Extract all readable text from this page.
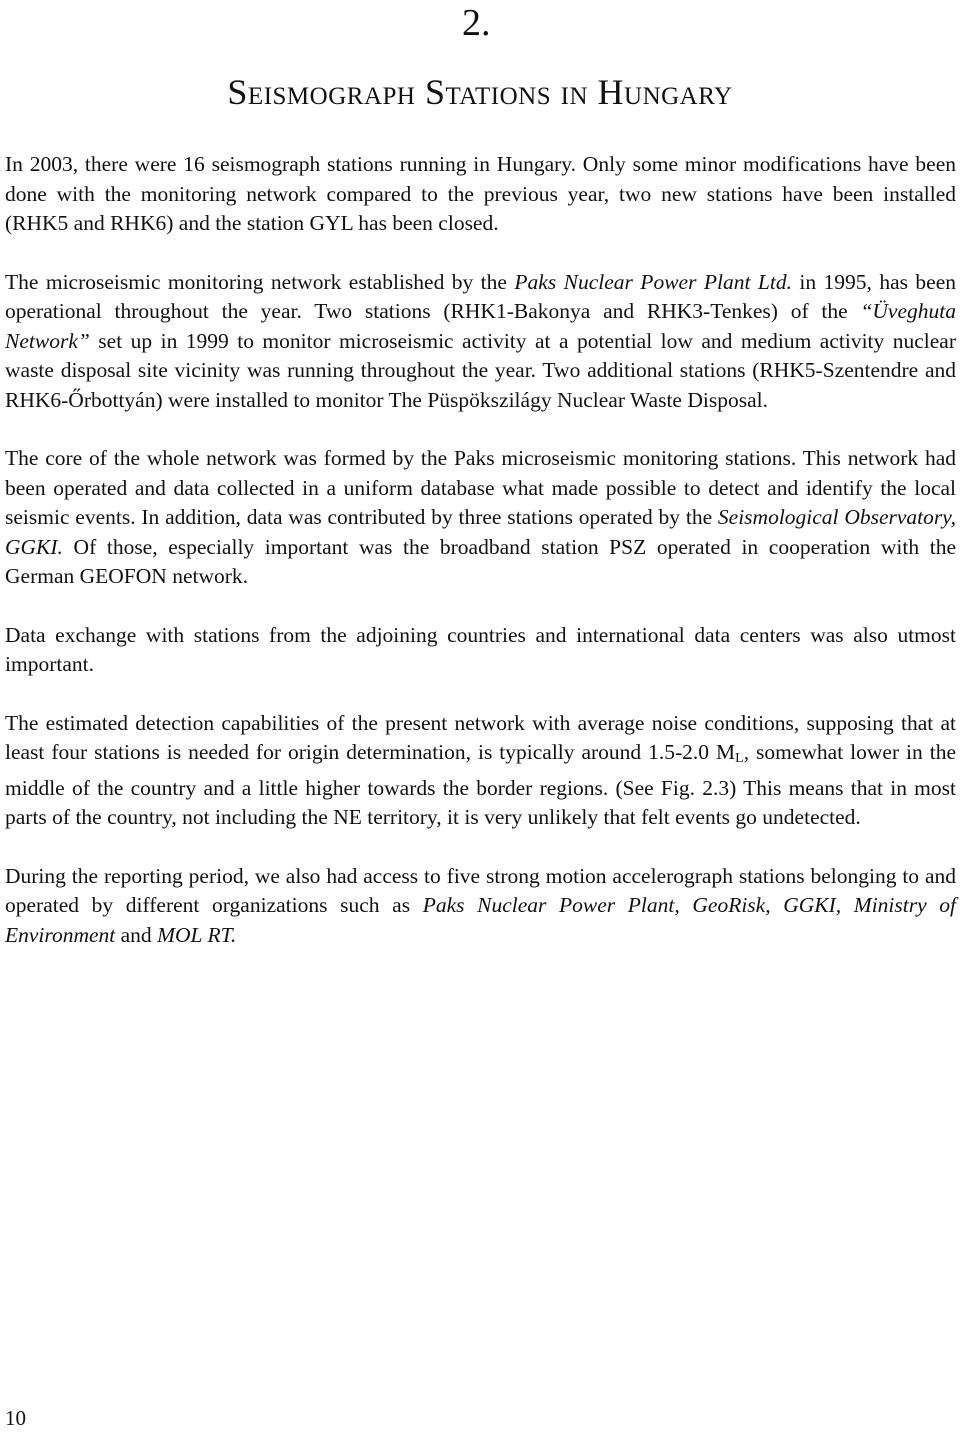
2.
Seismograph Stations in Hungary

In 2003, there were 16 seismograph stations running in Hungary. Only some minor modifications have been done with the monitoring network compared to the previous year, two new stations have been installed (RHK5 and RHK6) and the station GYL has been closed.

The microseismic monitoring network established by the Paks Nuclear Power Plant Ltd. in 1995, has been operational throughout the year. Two stations (RHK1-Bakonya and RHK3-Tenkes) of the “Üveghuta Network” set up in 1999 to monitor microseismic activity at a potential low and medium activity nuclear waste disposal site vicinity was running throughout the year. Two additional stations (RHK5-Szentendre and RHK6-Őrbottyán) were installed to monitor The Püspökszilágy Nuclear Waste Disposal.

The core of the whole network was formed by the Paks microseismic monitoring stations. This network had been operated and data collected in a uniform database what made possible to detect and identify the local seismic events. In addition, data was contributed by three stations operated by the Seismological Observatory, GGKI. Of those, especially important was the broadband station PSZ operated in cooperation with the German GEOFON network.

Data exchange with stations from the adjoining countries and international data centers was also utmost important.

The estimated detection capabilities of the present network with average noise conditions, supposing that at least four stations is needed for origin determination, is typically around 1.5-2.0 $M_L$, somewhat lower in the middle of the country and a little higher towards the border regions. (See Fig. 2.3) This means that in most parts of the country, not including the NE territory, it is very unlikely that felt events go undetected.

During the reporting period, we also had access to five strong motion accelerograph stations belonging to and operated by different organizations such as Paks Nuclear Power Plant, GeoRisk, GGKI, Ministry of Environment and MOL RT.

10
